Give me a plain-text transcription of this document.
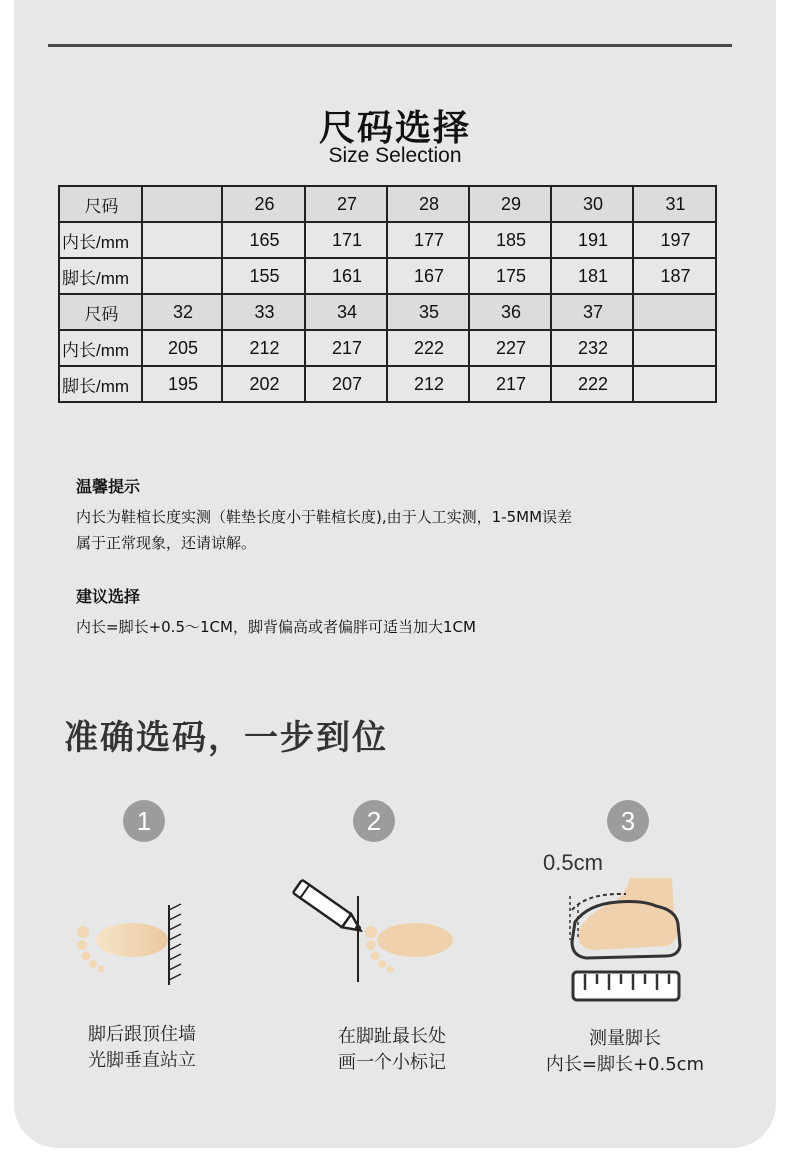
尺码选择
Size Selection
尺码		26	27	28	29	30	31
内长/mm		165	171	177	185	191	197
脚长/mm		155	161	167	175	181	187
尺码	32	33	34	35	36	37	
内长/mm	205	212	217	222	227	232	
脚长/mm	195	202	207	212	217	222	
温馨提示
内长为鞋楦长度实测（鞋垫长度小于鞋楦长度),由于人工实测，1-5MM误差
属于正常现象，还请谅解。
建议选择
内长=脚长+0.5～1CM，脚背偏高或者偏胖可适当加大1CM
准确选码，一步到位
1
脚后跟顶住墙
光脚垂直站立
2
在脚趾最长处
画一个小标记
3
0.5cm
测量脚长
内长=脚长+0.5cm
